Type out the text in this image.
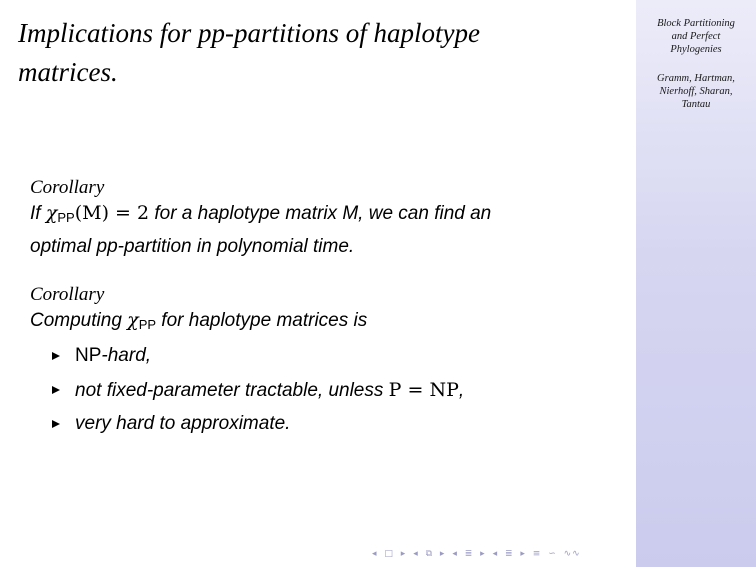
Implications for pp-partitions of haplotype
matrices.
Block Partitioning
and Perfect
Phylogenies
Gramm, Hartman,
Nierhoff, Sharan,
Tantau
Corollary
If $\chi_{PP}(M) = 2$ for a haplotype matrix M, we can find an
optimal pp-partition in polynomial time.
Corollary
Computing $\chi_{PP}$ for haplotype matrices is
NP-hard,
not fixed-parameter tractable, unless P = NP,
very hard to approximate.
◂ □ ▸ ◂ ⧉ ▸ ◂ ≣ ▸ ◂ ≣ ▸ ≡ ∽ ∿∿
